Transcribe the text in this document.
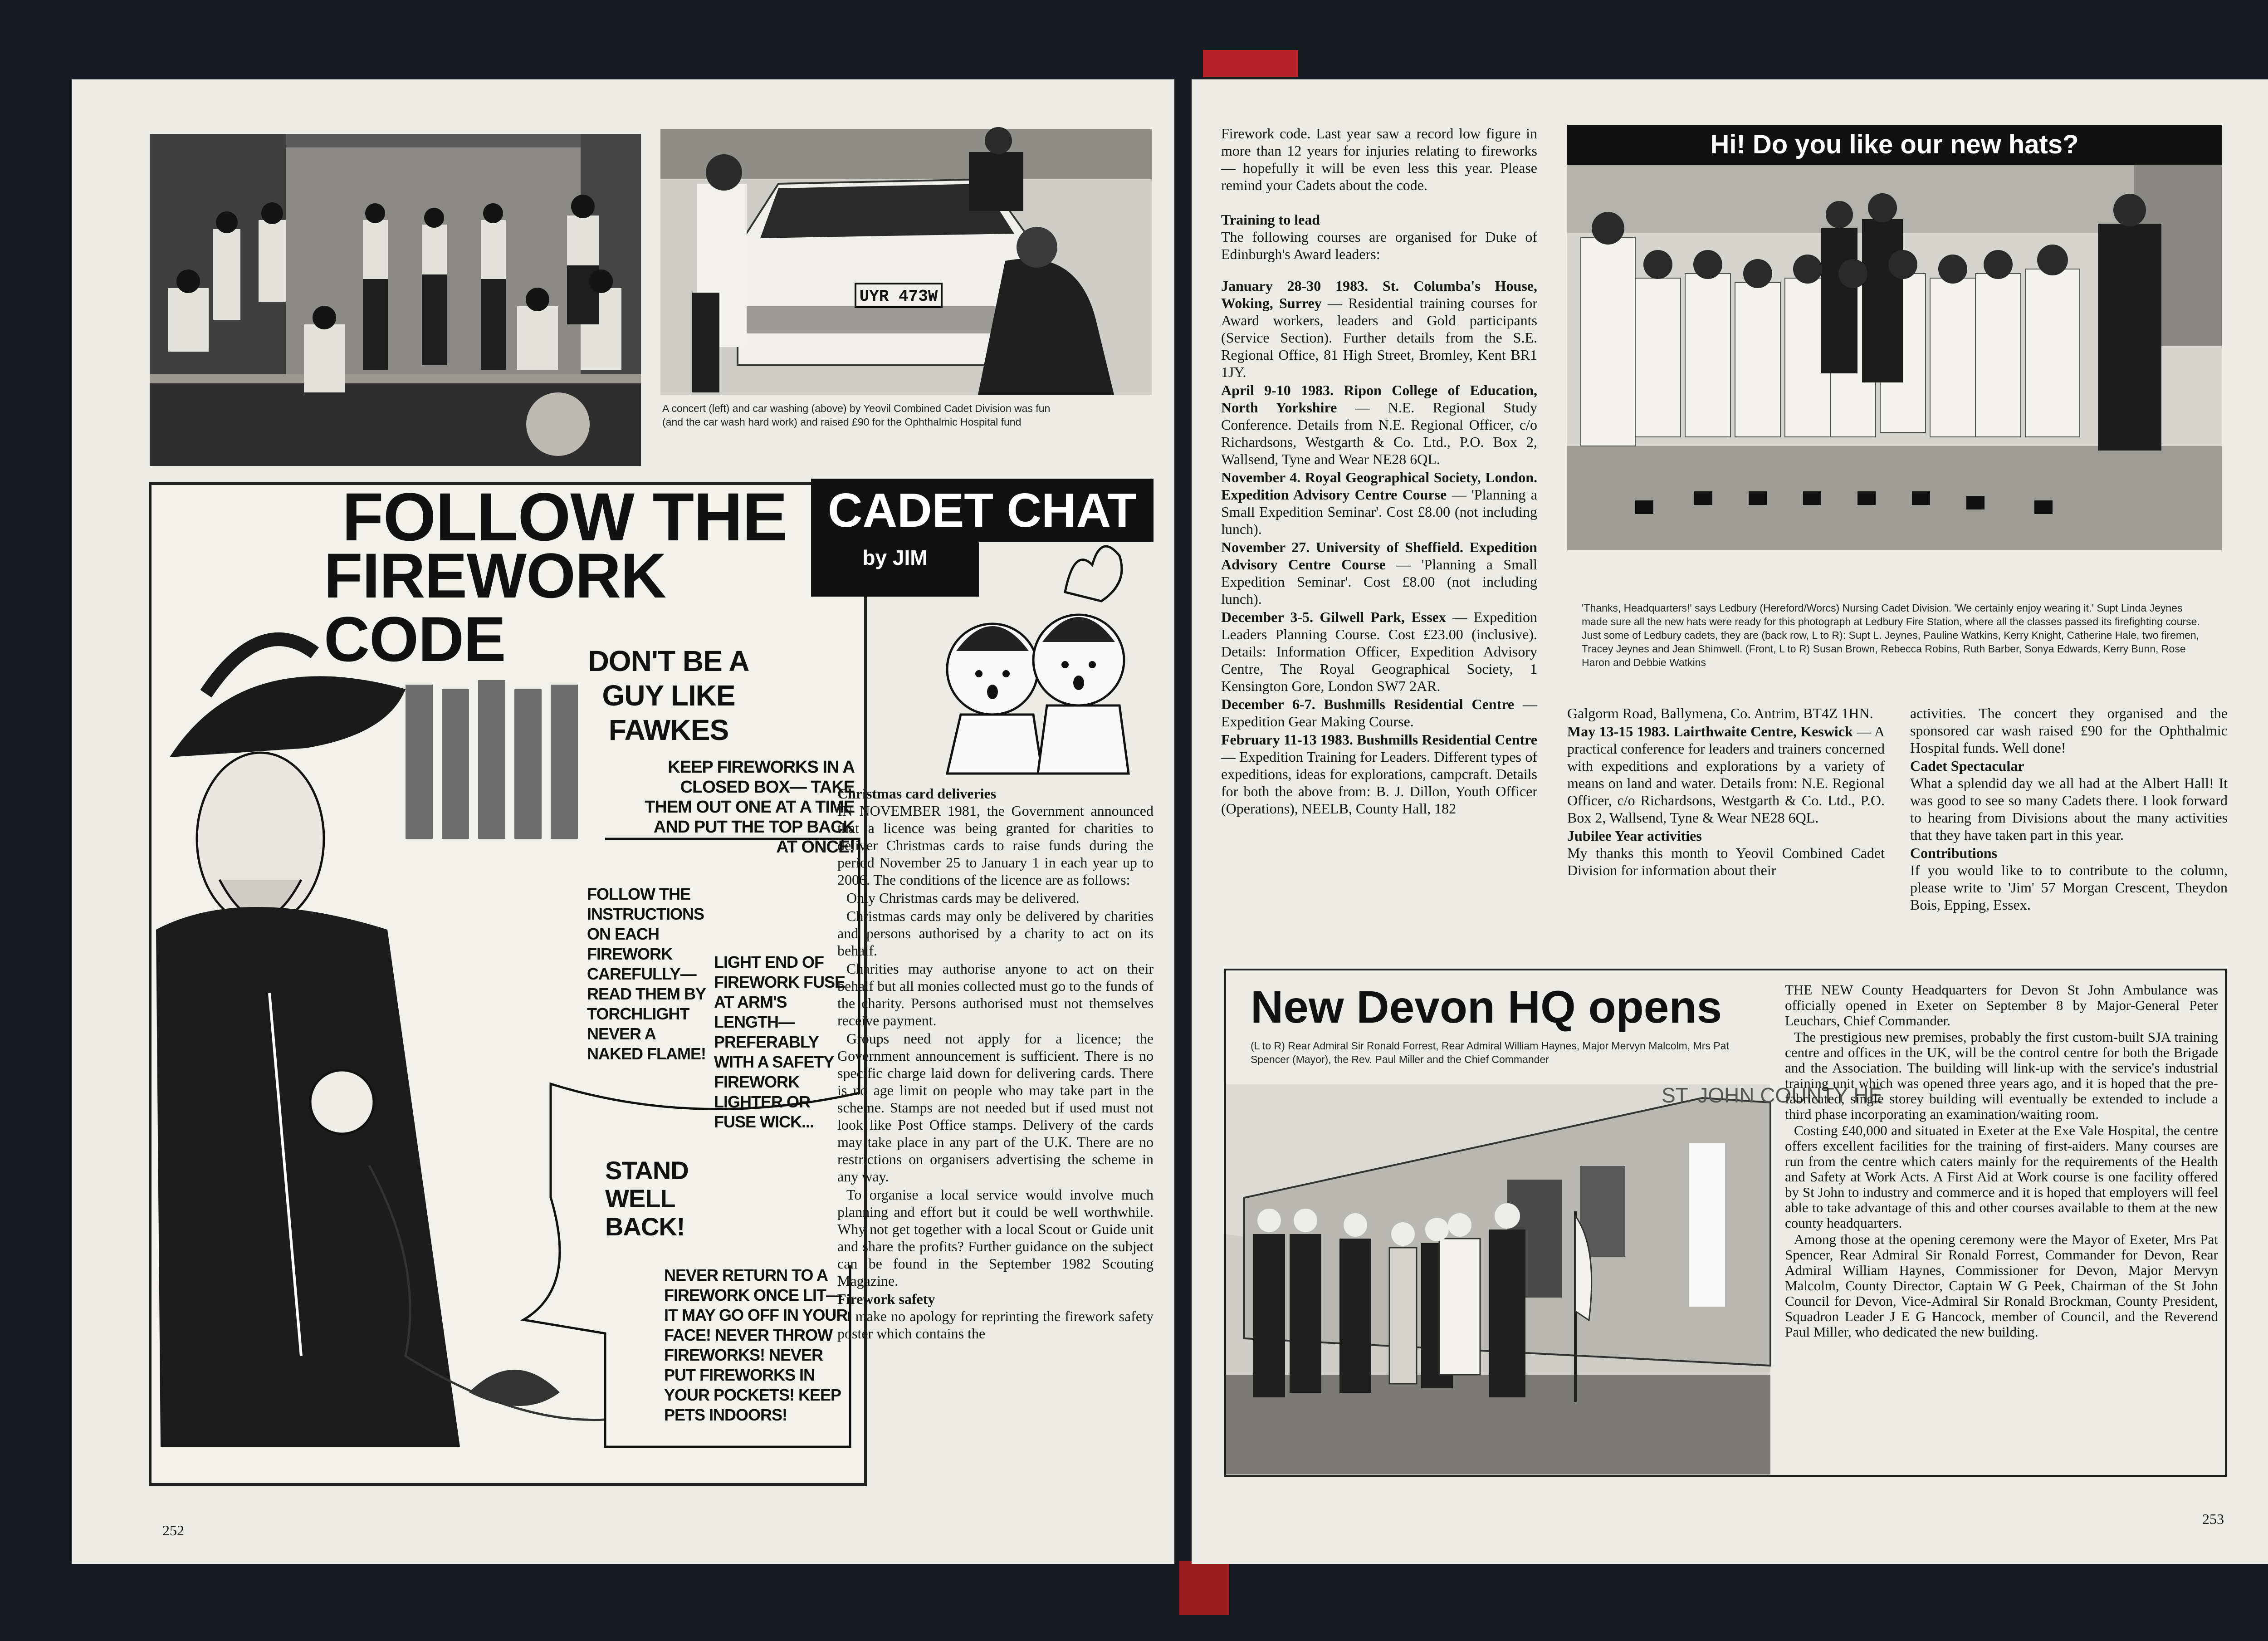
UYR 473W
A concert (left) and car washing (above) by Yeovil Combined Cadet Division was fun (and the car wash hard work) and raised £90 for the Ophthalmic Hospital fund
FOLLOW THE
FIREWORK CODE	DON'T BE A GUY LIKE FAWKES
KEEP FIREWORKS IN A CLOSED BOX— TAKE THEM OUT ONE AT A TIME AND PUT THE TOP BACK AT ONCE!
FOLLOW THE INSTRUCTIONS ON EACH FIREWORK CAREFULLY— READ THEM BY TORCHLIGHT NEVER A NAKED FLAME!
LIGHT END OF FIREWORK FUSE AT ARM'S LENGTH— PREFERABLY WITH A SAFETY FIREWORK LIGHTER OR FUSE WICK...
STAND WELL BACK!
NEVER RETURN TO A FIREWORK ONCE LIT— IT MAY GO OFF IN YOUR FACE! NEVER THROW FIREWORKS! NEVER PUT FIREWORKS IN YOUR POCKETS! KEEP PETS INDOORS!
CADET CHAT
by JIM
Christmas card deliveries

IN NOVEMBER 1981, the Government announced that a licence was being granted for charities to deliver Christmas cards to raise funds during the period November 25 to January 1 in each year up to 2006. The conditions of the licence are as follows:

Only Christmas cards may be delivered.

Christmas cards may only be delivered by charities and persons authorised by a charity to act on its behalf.

Charities may authorise anyone to act on their behalf but all monies collected must go to the funds of the charity. Persons authorised must not themselves receive payment.

Groups need not apply for a licence; the Government announcement is sufficient. There is no specific charge laid down for delivering cards. There is no age limit on people who may take part in the scheme. Stamps are not needed but if used must not look like Post Office stamps. Delivery of the cards may take place in any part of the U.K. There are no restrictions on organisers advertising the scheme in any way.

To organise a local service would involve much planning and effort but it could be well worthwhile. Why not get together with a local Scout or Guide unit and share the profits? Further guidance on the subject can be found in the September 1982 Scouting Magazine.

Firework safety

I make no apology for reprinting the firework safety poster which contains the

252

Firework code. Last year saw a record low figure in more than 12 years for injuries relating to fireworks — hopefully it will be even less this year. Please remind your Cadets about the code.

Training to lead

The following courses are organised for Duke of Edinburgh's Award leaders:

January 28-30 1983. St. Columba's House, Woking, Surrey — Residential training courses for Award workers, leaders and Gold participants (Service Section). Further details from the S.E. Regional Office, 81 High Street, Bromley, Kent BR1 1JY.

April 9-10 1983. Ripon College of Education, North Yorkshire — N.E. Regional Study Conference. Details from N.E. Regional Officer, c/o Richardsons, Westgarth & Co. Ltd., P.O. Box 2, Wallsend, Tyne and Wear NE28 6QL.

November 4. Royal Geographical Society, London. Expedition Advisory Centre Course — 'Planning a Small Expedition Seminar'. Cost £8.00 (not including lunch).

November 27. University of Sheffield. Expedition Advisory Centre Course — 'Planning a Small Expedition Seminar'. Cost £8.00 (not including lunch).

December 3-5. Gilwell Park, Essex — Expedition Leaders Planning Course. Cost £23.00 (inclusive). Details: Information Officer, Expedition Advisory Centre, The Royal Geographical Society, 1 Kensington Gore, London SW7 2AR.

December 6-7. Bushmills Residential Centre — Expedition Gear Making Course.

February 11-13 1983. Bushmills Residential Centre — Expedition Training for Leaders. Different types of expeditions, ideas for explorations, campcraft. Details for both the above from: B. J. Dillon, Youth Officer (Operations), NEELB, County Hall, 182

Hi! Do you like our new hats?
'Thanks, Headquarters!' says Ledbury (Hereford/Worcs) Nursing Cadet Division. 'We certainly enjoy wearing it.' Supt Linda Jeynes made sure all the new hats were ready for this photograph at Ledbury Fire Station, where all the classes passed its firefighting course. Just some of Ledbury cadets, they are (back row, L to R): Supt L. Jeynes, Pauline Watkins, Kerry Knight, Catherine Hale, two firemen, Tracey Jeynes and Jean Shimwell. (Front, L to R) Susan Brown, Rebecca Robins, Ruth Barber, Sonya Edwards, Kerry Bunn, Rose Haron and Debbie Watkins

Galgorm Road, Ballymena, Co. Antrim, BT4Z 1HN.

May 13-15 1983. Lairthwaite Centre, Keswick — A practical conference for leaders and trainers concerned with expeditions and explorations by a variety of means on land and water. Details from: N.E. Regional Officer, c/o Richardsons, Westgarth & Co. Ltd., P.O. Box 2, Wallsend, Tyne & Wear NE28 6QL.

Jubilee Year activities

My thanks this month to Yeovil Combined Cadet Division for information about their

activities. The concert they organised and the sponsored car wash raised £90 for the Ophthalmic Hospital funds. Well done!

Cadet Spectacular

What a splendid day we all had at the Albert Hall! It was good to see so many Cadets there. I look forward to hearing from Divisions about the many activities that they have taken part in this year.

Contributions

If you would like to to contribute to the column, please write to 'Jim' 57 Morgan Crescent, Theydon Bois, Epping, Essex.

New Devon HQ opens
(L to R) Rear Admiral Sir Ronald Forrest, Rear Admiral William Haynes, Major Mervyn Malcolm, Mrs Pat Spencer (Mayor), the Rev. Paul Miller and the Chief Commander
ST. JOHN COUNTY HE

THE NEW County Headquarters for Devon St John Ambulance was officially opened in Exeter on September 8 by Major-General Peter Leuchars, Chief Commander.

The prestigious new premises, probably the first custom-built SJA training centre and offices in the UK, will be the control centre for both the Brigade and the Association. The building will link-up with the service's industrial training unit which was opened three years ago, and it is hoped that the pre-fabricated, single storey building will eventually be extended to include a third phase incorporating an examination/waiting room.

Costing £40,000 and situated in Exeter at the Exe Vale Hospital, the centre offers excellent facilities for the training of first-aiders. Many courses are run from the centre which caters mainly for the requirements of the Health and Safety at Work Acts. A First Aid at Work course is one facility offered by St John to industry and commerce and it is hoped that employers will feel able to take advantage of this and other courses available to them at the new county headquarters.

Among those at the opening ceremony were the Mayor of Exeter, Mrs Pat Spencer, Rear Admiral Sir Ronald Forrest, Commander for Devon, Rear Admiral William Haynes, Commissioner for Devon, Major Mervyn Malcolm, County Director, Captain W G Peek, Chairman of the St John Council for Devon, Vice-Admiral Sir Ronald Brockman, County President, Squadron Leader J E G Hancock, member of Council, and the Reverend Paul Miller, who dedicated the new building.

253
